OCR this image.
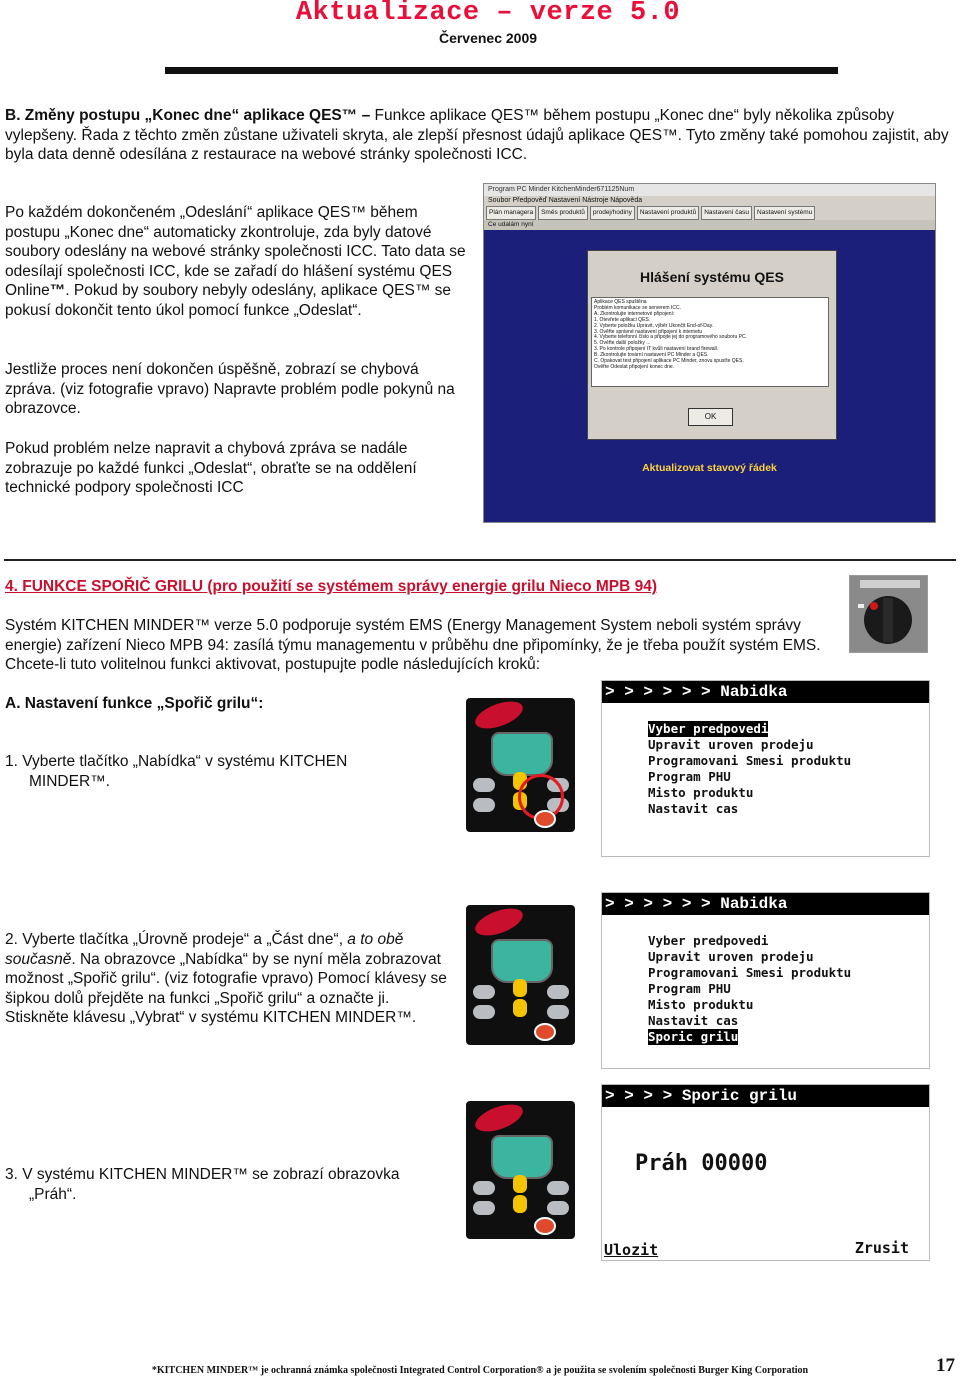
Aktualizace – verze 5.0
Červenec 2009
B. Změny postupu „Konec dne“ aplikace QES™ – Funkce aplikace QES™ během postupu „Konec dne“ byly několika způsoby vylepšeny. Řada z těchto změn zůstane uživateli skryta, ale zlepší přesnost údajů aplikace QES™. Tyto změny také pomohou zajistit, aby byla data denně odesílána z restaurace na webové stránky společnosti ICC.
Po každém dokončeném „Odeslání“ aplikace QES™ během postupu „Konec dne“ automaticky zkontroluje, zda byly datové soubory odeslány na webové stránky společnosti ICC. Tato data se odesílají společnosti ICC, kde se zařadí do hlášení systému QES Online™. Pokud by soubory nebyly odeslány, aplikace QES™ se pokusí dokončit tento úkol pomocí funkce „Odeslat“.
Jestliže proces není dokončen úspěšně, zobrazí se chybová zpráva. (viz fotografie vpravo) Napravte problém podle pokynů na obrazovce.
Pokud problém nelze napravit a chybová zpráva se nadále zobrazuje po každé funkci „Odeslat“, obraťte se na oddělení technické podpory společnosti ICC
Program PC Minder KitchenMinder671125Num
Soubor Předpověď Nastavení Nástroje Nápověda
Plán managera	Směs produktů	prodej/hodiny	Nastavení produktů	Nastavení času	Nastavení systému
Ce udalám nyní
Hlášení systému QES
Aplikace QES spuštěna
Problém komunikace se serverem ICC.
A. Zkontrolujte internetové připojení:
1. Otevřete aplikaci QES.
2. Vyberte položku Upravit, výběr Ukončit End-of-Day.
3. Ověřte správné nastavení připojení k internetu
4. Vyberte telefonní číslo a připojte jej do programového souboru PC.
5. Ověřte další položky ...
3. Po kontrole připojení IT kvůli nastavení brand firewall.
B. Zkontrolujte tovární nastavení PC Minder a QES.
C. Opakovat test připojení aplikace PC Minder, znovu spusťte QES.
Ověřte Odeslat připojení konec dne.
OK
Aktualizovat stavový řádek
4. FUNKCE SPOŘIČ GRILU (pro použití se systémem správy energie grilu Nieco MPB 94)
Systém KITCHEN MINDER™ verze 5.0 podporuje systém EMS (Energy Management System neboli systém správy energie) zařízení Nieco MPB 94: zasílá týmu managementu v průběhu dne připomínky, že je třeba použít systém EMS. Chcete-li tuto volitelnou funkci aktivovat, postupujte podle následujících kroků:
A. Nastavení funkce „Spořič grilu“:
1. Vyberte tlačítko „Nabídka“ v systému KITCHEN
MINDER™.
> > > > > > Nabidka
Vyber predpovedi
Upravit uroven prodeju
Programovani Smesi produktu
Program PHU
Misto produktu
Nastavit cas
2. Vyberte tlačítka „Úrovně prodeje“ a „Část dne“, a to obě současně. Na obrazovce „Nabídka“ by se nyní měla zobrazovat možnost „Spořič grilu“. (viz fotografie vpravo) Pomocí klávesy se šipkou dolů přejděte na funkci „Spořič grilu“ a označte ji. Stiskněte klávesu „Vybrat“ v systému KITCHEN MINDER™.
> > > > > > Nabidka
Vyber predpovedi
Upravit uroven prodeju
Programovani Smesi produktu
Program PHU
Misto produktu
Nastavit cas
Sporic grilu
3. V systému KITCHEN MINDER™ se zobrazí obrazovka
„Práh“.
> > > > Sporic grilu
Práh 00000
Ulozit	Zrusit
*KITCHEN MINDER™ je ochranná známka společnosti Integrated Control Corporation® a je použita se svolením společnosti Burger King Corporation	17
